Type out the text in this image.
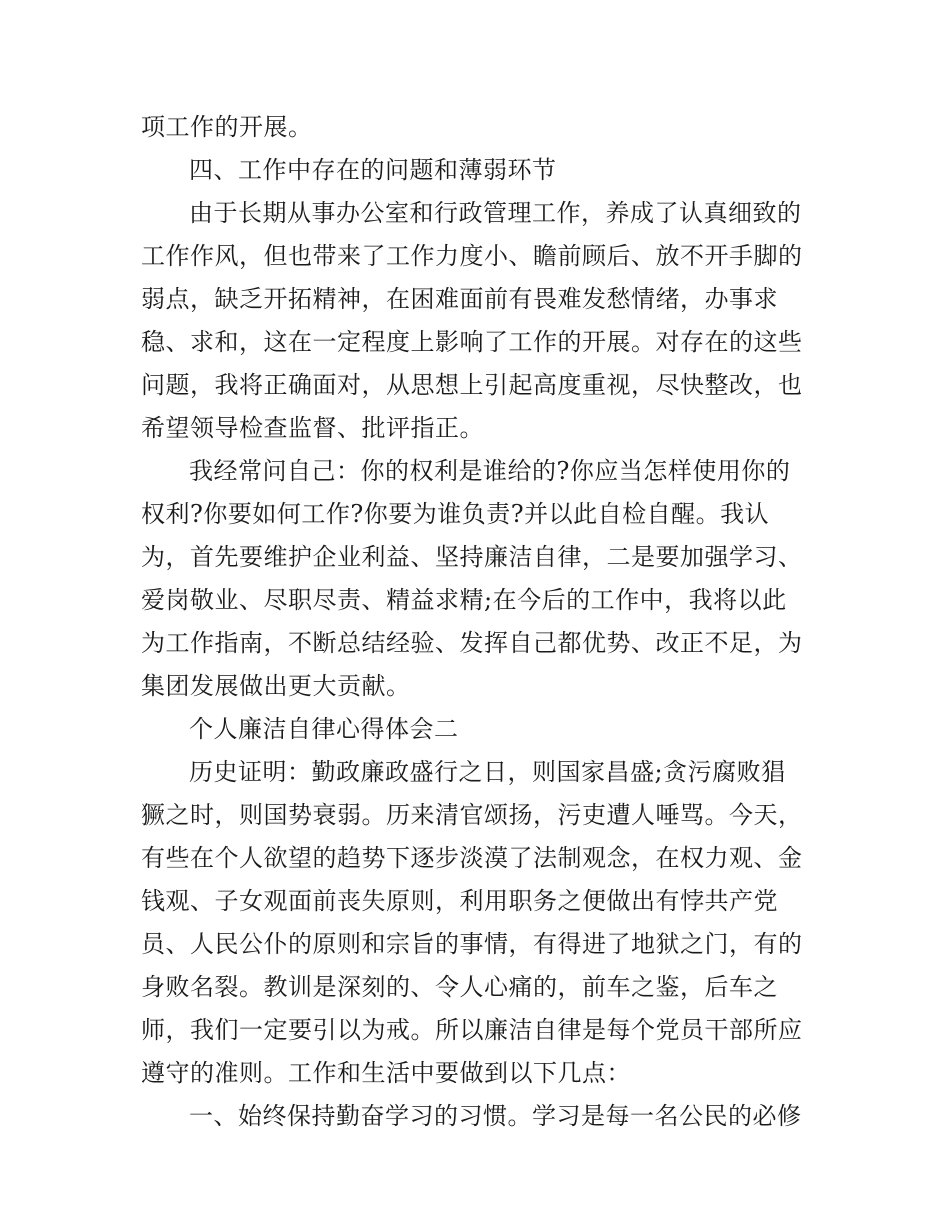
项工作的开展。
四、工作中存在的问题和薄弱环节
由于长期从事办公室和行政管理工作，养成了认真细致的
工作作风，但也带来了工作力度小、瞻前顾后、放不开手脚的
弱点，缺乏开拓精神，在困难面前有畏难发愁情绪，办事求
稳、求和，这在一定程度上影响了工作的开展。对存在的这些
问题，我将正确面对，从思想上引起高度重视，尽快整改，也
希望领导检查监督、批评指正。
我经常问自己：你的权利是谁给的?你应当怎样使用你的
权利?你要如何工作?你要为谁负责?并以此自检自醒。我认
为，首先要维护企业利益、坚持廉洁自律，二是要加强学习、
爱岗敬业、尽职尽责、精益求精;在今后的工作中，我将以此
为工作指南，不断总结经验、发挥自己都优势、改正不足，为
集团发展做出更大贡献。
个人廉洁自律心得体会二
历史证明：勤政廉政盛行之日，则国家昌盛;贪污腐败猖
獗之时，则国势衰弱。历来清官颂扬，污吏遭人唾骂。今天，
有些在个人欲望的趋势下逐步淡漠了法制观念，在权力观、金
钱观、子女观面前丧失原则，利用职务之便做出有悖共产党
员、人民公仆的原则和宗旨的事情，有得进了地狱之门，有的
身败名裂。教训是深刻的、令人心痛的，前车之鉴，后车之
师，我们一定要引以为戒。所以廉洁自律是每个党员干部所应
遵守的准则。工作和生活中要做到以下几点：
一、始终保持勤奋学习的习惯。学习是每一名公民的必修
